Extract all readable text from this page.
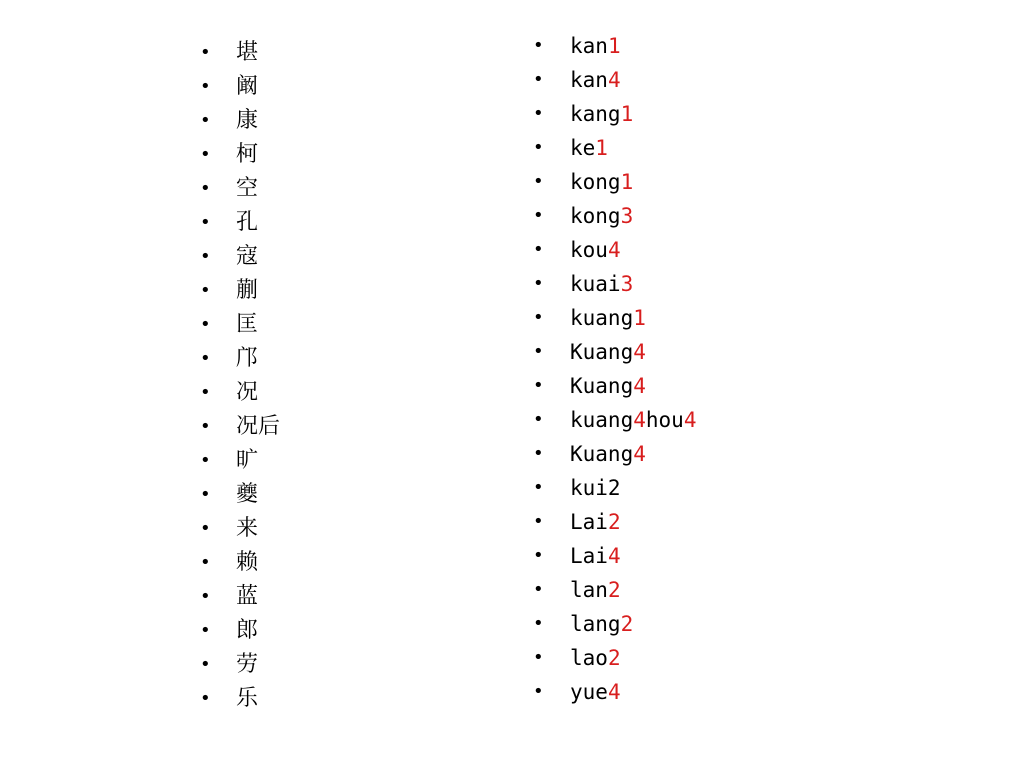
• 堪
• 阚
• 康
• 柯
• 空
• 孔
• 寇
• 蒯
• 匡
• 邝
• 况
• 况后
• 旷
• 夔
• 来
• 赖
• 蓝
• 郎
• 劳
• 乐
• kan1
• kan4
• kang1
• ke1
• kong1
• kong3
• kou4
• kuai3
• kuang1
• Kuang4
• Kuang4
• kuang4hou4
• Kuang4
• kui2
• Lai2
• Lai4
• lan2
• lang2
• lao2
• yue4
